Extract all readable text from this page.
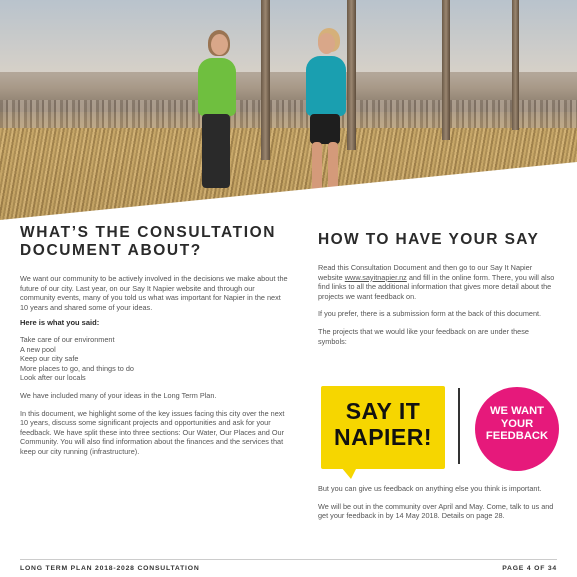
WHAT’S THE CONSULTATION DOCUMENT ABOUT?

We want our community to be actively involved in the decisions we make about the future of our city. Last year, on our Say It Napier website and through our community events, many of you told us what was important for Napier in the next 10 years and shared some of your ideas.

Here is what you said:

Take care of our environment
A new pool
Keep our city safe
More places to go, and things to do
Look after our locals

We have included many of your ideas in the Long Term Plan.

In this document, we highlight some of the key issues facing this city over the next 10 years, discuss some significant projects and opportunities and ask for your feedback. We have split these into three sections: Our Water, Our Places and Our Community. You will also find information about the finances and the services that keep our city running (infrastructure).

HOW TO HAVE YOUR SAY

Read this Consultation Document and then go to our Say It Napier website www.sayitnapier.nz and fill in the online form. There, you will also find links to all the additional information that gives more detail about the projects we want feedback on.

If you prefer, there is a submission form at the back of this document.

The projects that we would like your feedback on are under these symbols:

SAY IT
NAPIER!
WE WANT
YOUR
FEEDBACK

But you can give us feedback on anything else you think is important.

We will be out in the community over April and May. Come, talk to us and get your feedback in by 14 May 2018. Details on page 28.

LONG TERM PLAN 2018-2028 CONSULTATION	PAGE 4 OF 34
